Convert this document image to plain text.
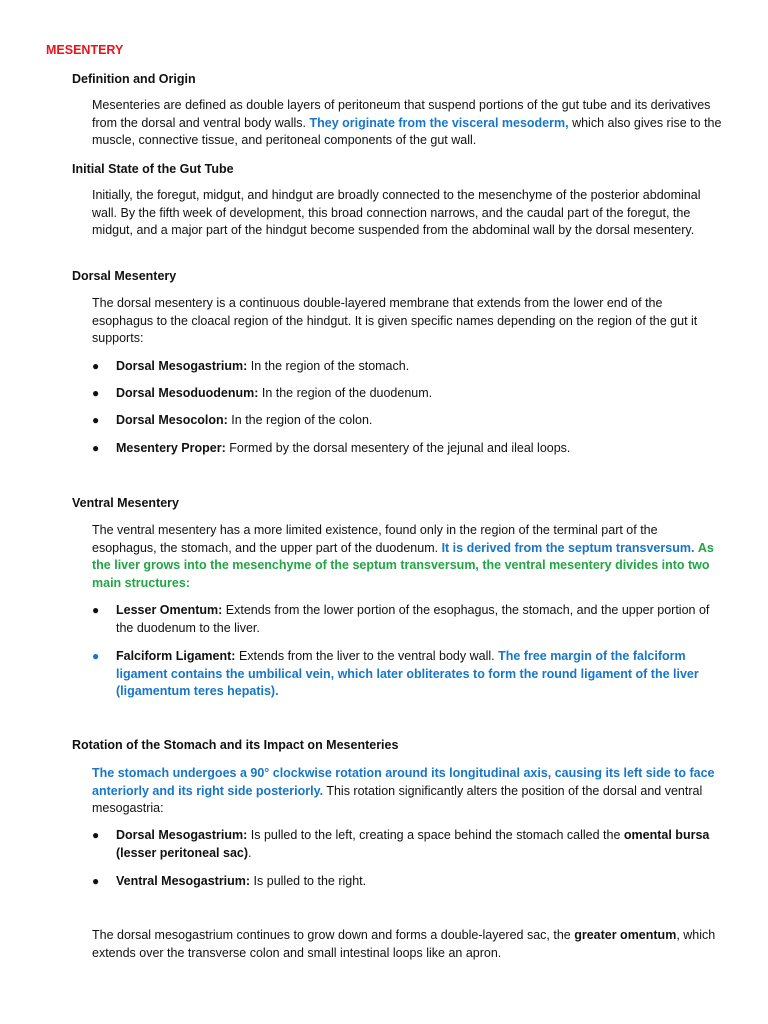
MESENTERY
Definition and Origin
Mesenteries are defined as double layers of peritoneum that suspend portions of the gut tube and its derivatives from the dorsal and ventral body walls. They originate from the visceral mesoderm, which also gives rise to the muscle, connective tissue, and peritoneal components of the gut wall.
Initial State of the Gut Tube
Initially, the foregut, midgut, and hindgut are broadly connected to the mesenchyme of the posterior abdominal wall. By the fifth week of development, this broad connection narrows, and the caudal part of the foregut, the midgut, and a major part of the hindgut become suspended from the abdominal wall by the dorsal mesentery.
Dorsal Mesentery
The dorsal mesentery is a continuous double-layered membrane that extends from the lower end of the esophagus to the cloacal region of the hindgut. It is given specific names depending on the region of the gut it supports:
●	Dorsal Mesogastrium: In the region of the stomach.
●	Dorsal Mesoduodenum: In the region of the duodenum.
●	Dorsal Mesocolon: In the region of the colon.
●	Mesentery Proper: Formed by the dorsal mesentery of the jejunal and ileal loops.
Ventral Mesentery
The ventral mesentery has a more limited existence, found only in the region of the terminal part of the esophagus, the stomach, and the upper part of the duodenum. It is derived from the septum transversum. As the liver grows into the mesenchyme of the septum transversum, the ventral mesentery divides into two main structures:
●	Lesser Omentum: Extends from the lower portion of the esophagus, the stomach, and the upper portion of the duodenum to the liver.
●	Falciform Ligament: Extends from the liver to the ventral body wall. The free margin of the falciform ligament contains the umbilical vein, which later obliterates to form the round ligament of the liver (ligamentum teres hepatis).
Rotation of the Stomach and its Impact on Mesenteries
The stomach undergoes a 90° clockwise rotation around its longitudinal axis, causing its left side to face anteriorly and its right side posteriorly. This rotation significantly alters the position of the dorsal and ventral mesogastria:
●	Dorsal Mesogastrium: Is pulled to the left, creating a space behind the stomach called the omental bursa (lesser peritoneal sac).
●	Ventral Mesogastrium: Is pulled to the right.
The dorsal mesogastrium continues to grow down and forms a double-layered sac, the greater omentum, which extends over the transverse colon and small intestinal loops like an apron.
